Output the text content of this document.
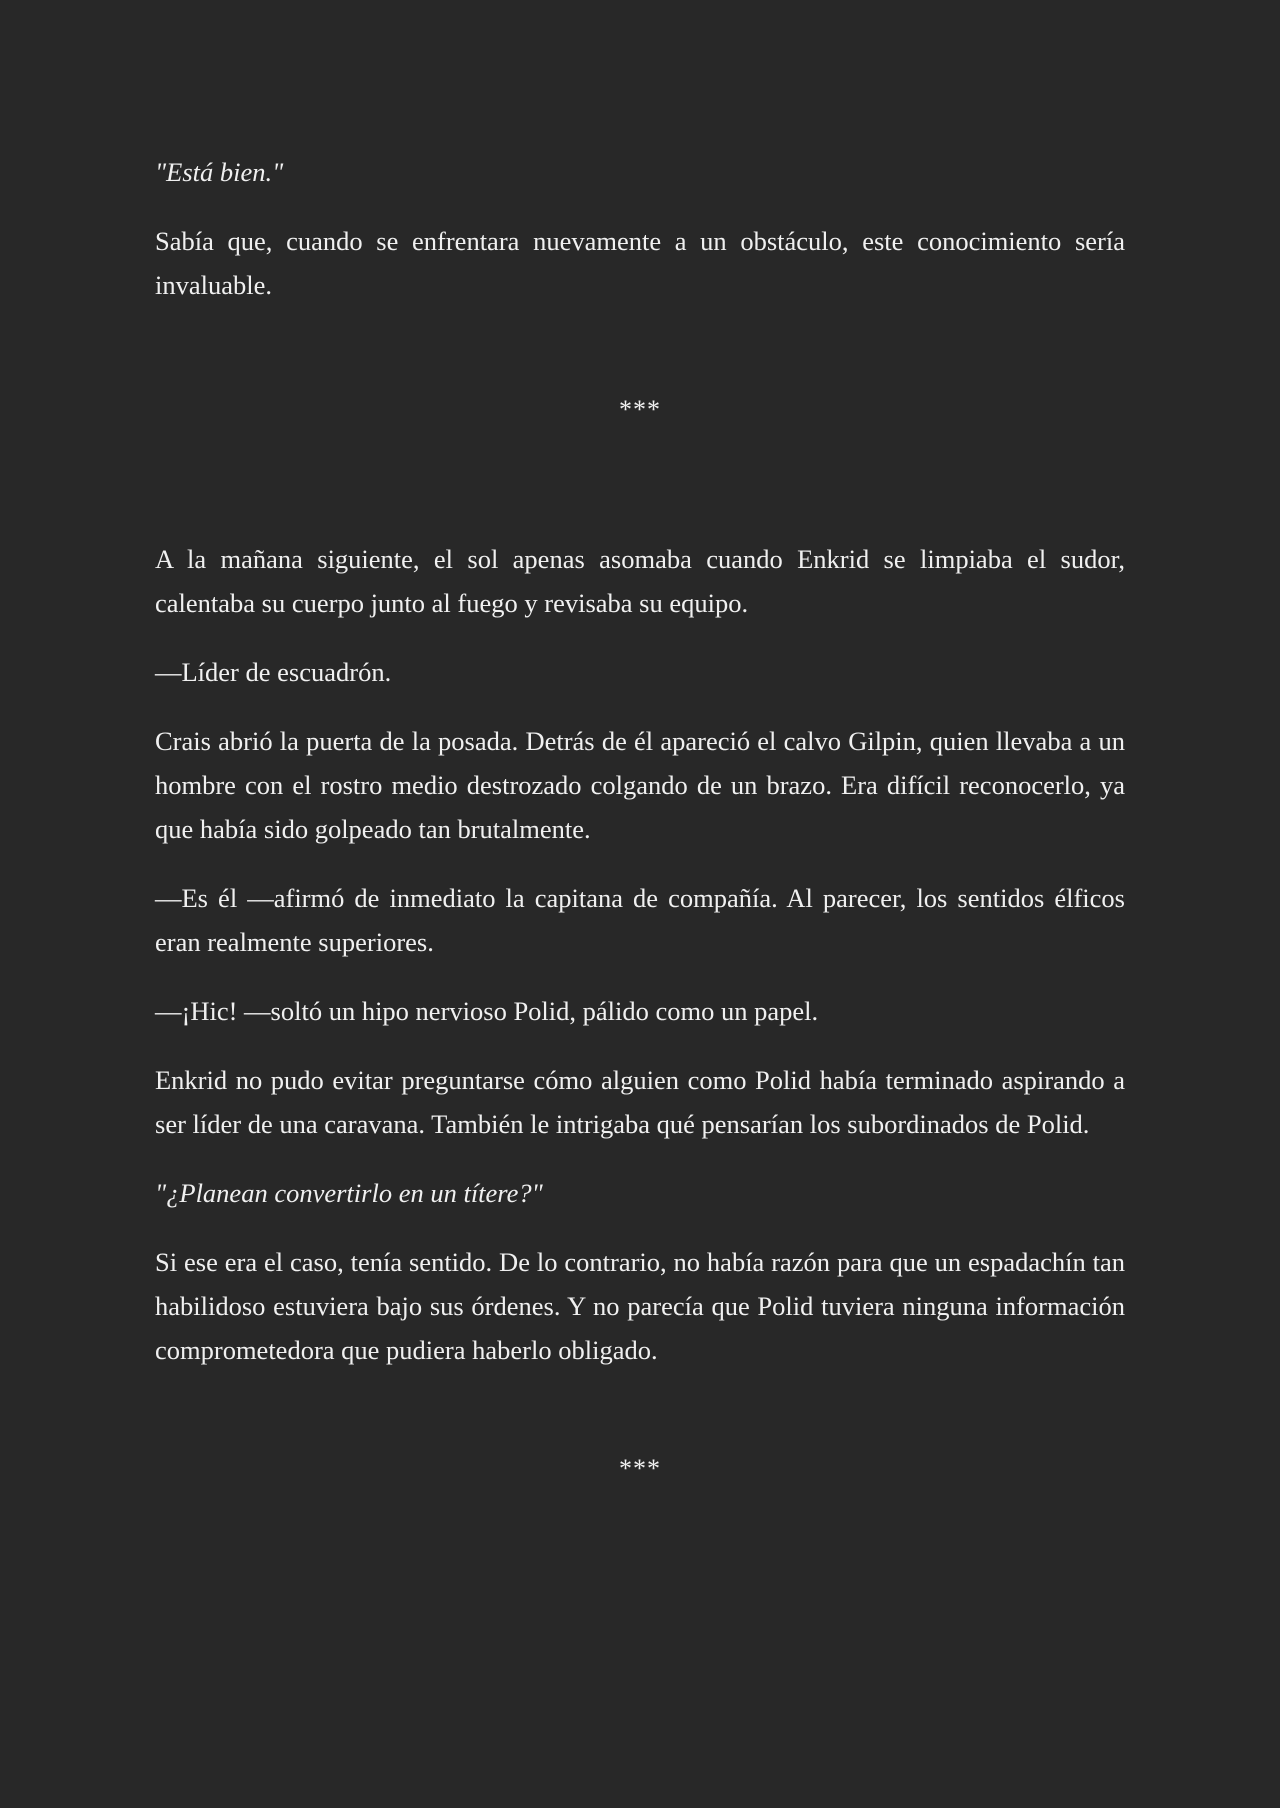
"Está bien."

Sabía que, cuando se enfrentara nuevamente a un obstáculo, este conocimiento sería invaluable.

***

A la mañana siguiente, el sol apenas asomaba cuando Enkrid se limpiaba el sudor, calentaba su cuerpo junto al fuego y revisaba su equipo.

—Líder de escuadrón.

Crais abrió la puerta de la posada. Detrás de él apareció el calvo Gilpin, quien llevaba a un hombre con el rostro medio destrozado colgando de un brazo. Era difícil reconocerlo, ya que había sido golpeado tan brutalmente.

—Es él —afirmó de inmediato la capitana de compañía. Al parecer, los sentidos élficos eran realmente superiores.

—¡Hic! —soltó un hipo nervioso Polid, pálido como un papel.

Enkrid no pudo evitar preguntarse cómo alguien como Polid había terminado aspirando a ser líder de una caravana. También le intrigaba qué pensarían los subordinados de Polid.

"¿Planean convertirlo en un títere?"

Si ese era el caso, tenía sentido. De lo contrario, no había razón para que un espadachín tan habilidoso estuviera bajo sus órdenes. Y no parecía que Polid tuviera ninguna información comprometedora que pudiera haberlo obligado.

***
